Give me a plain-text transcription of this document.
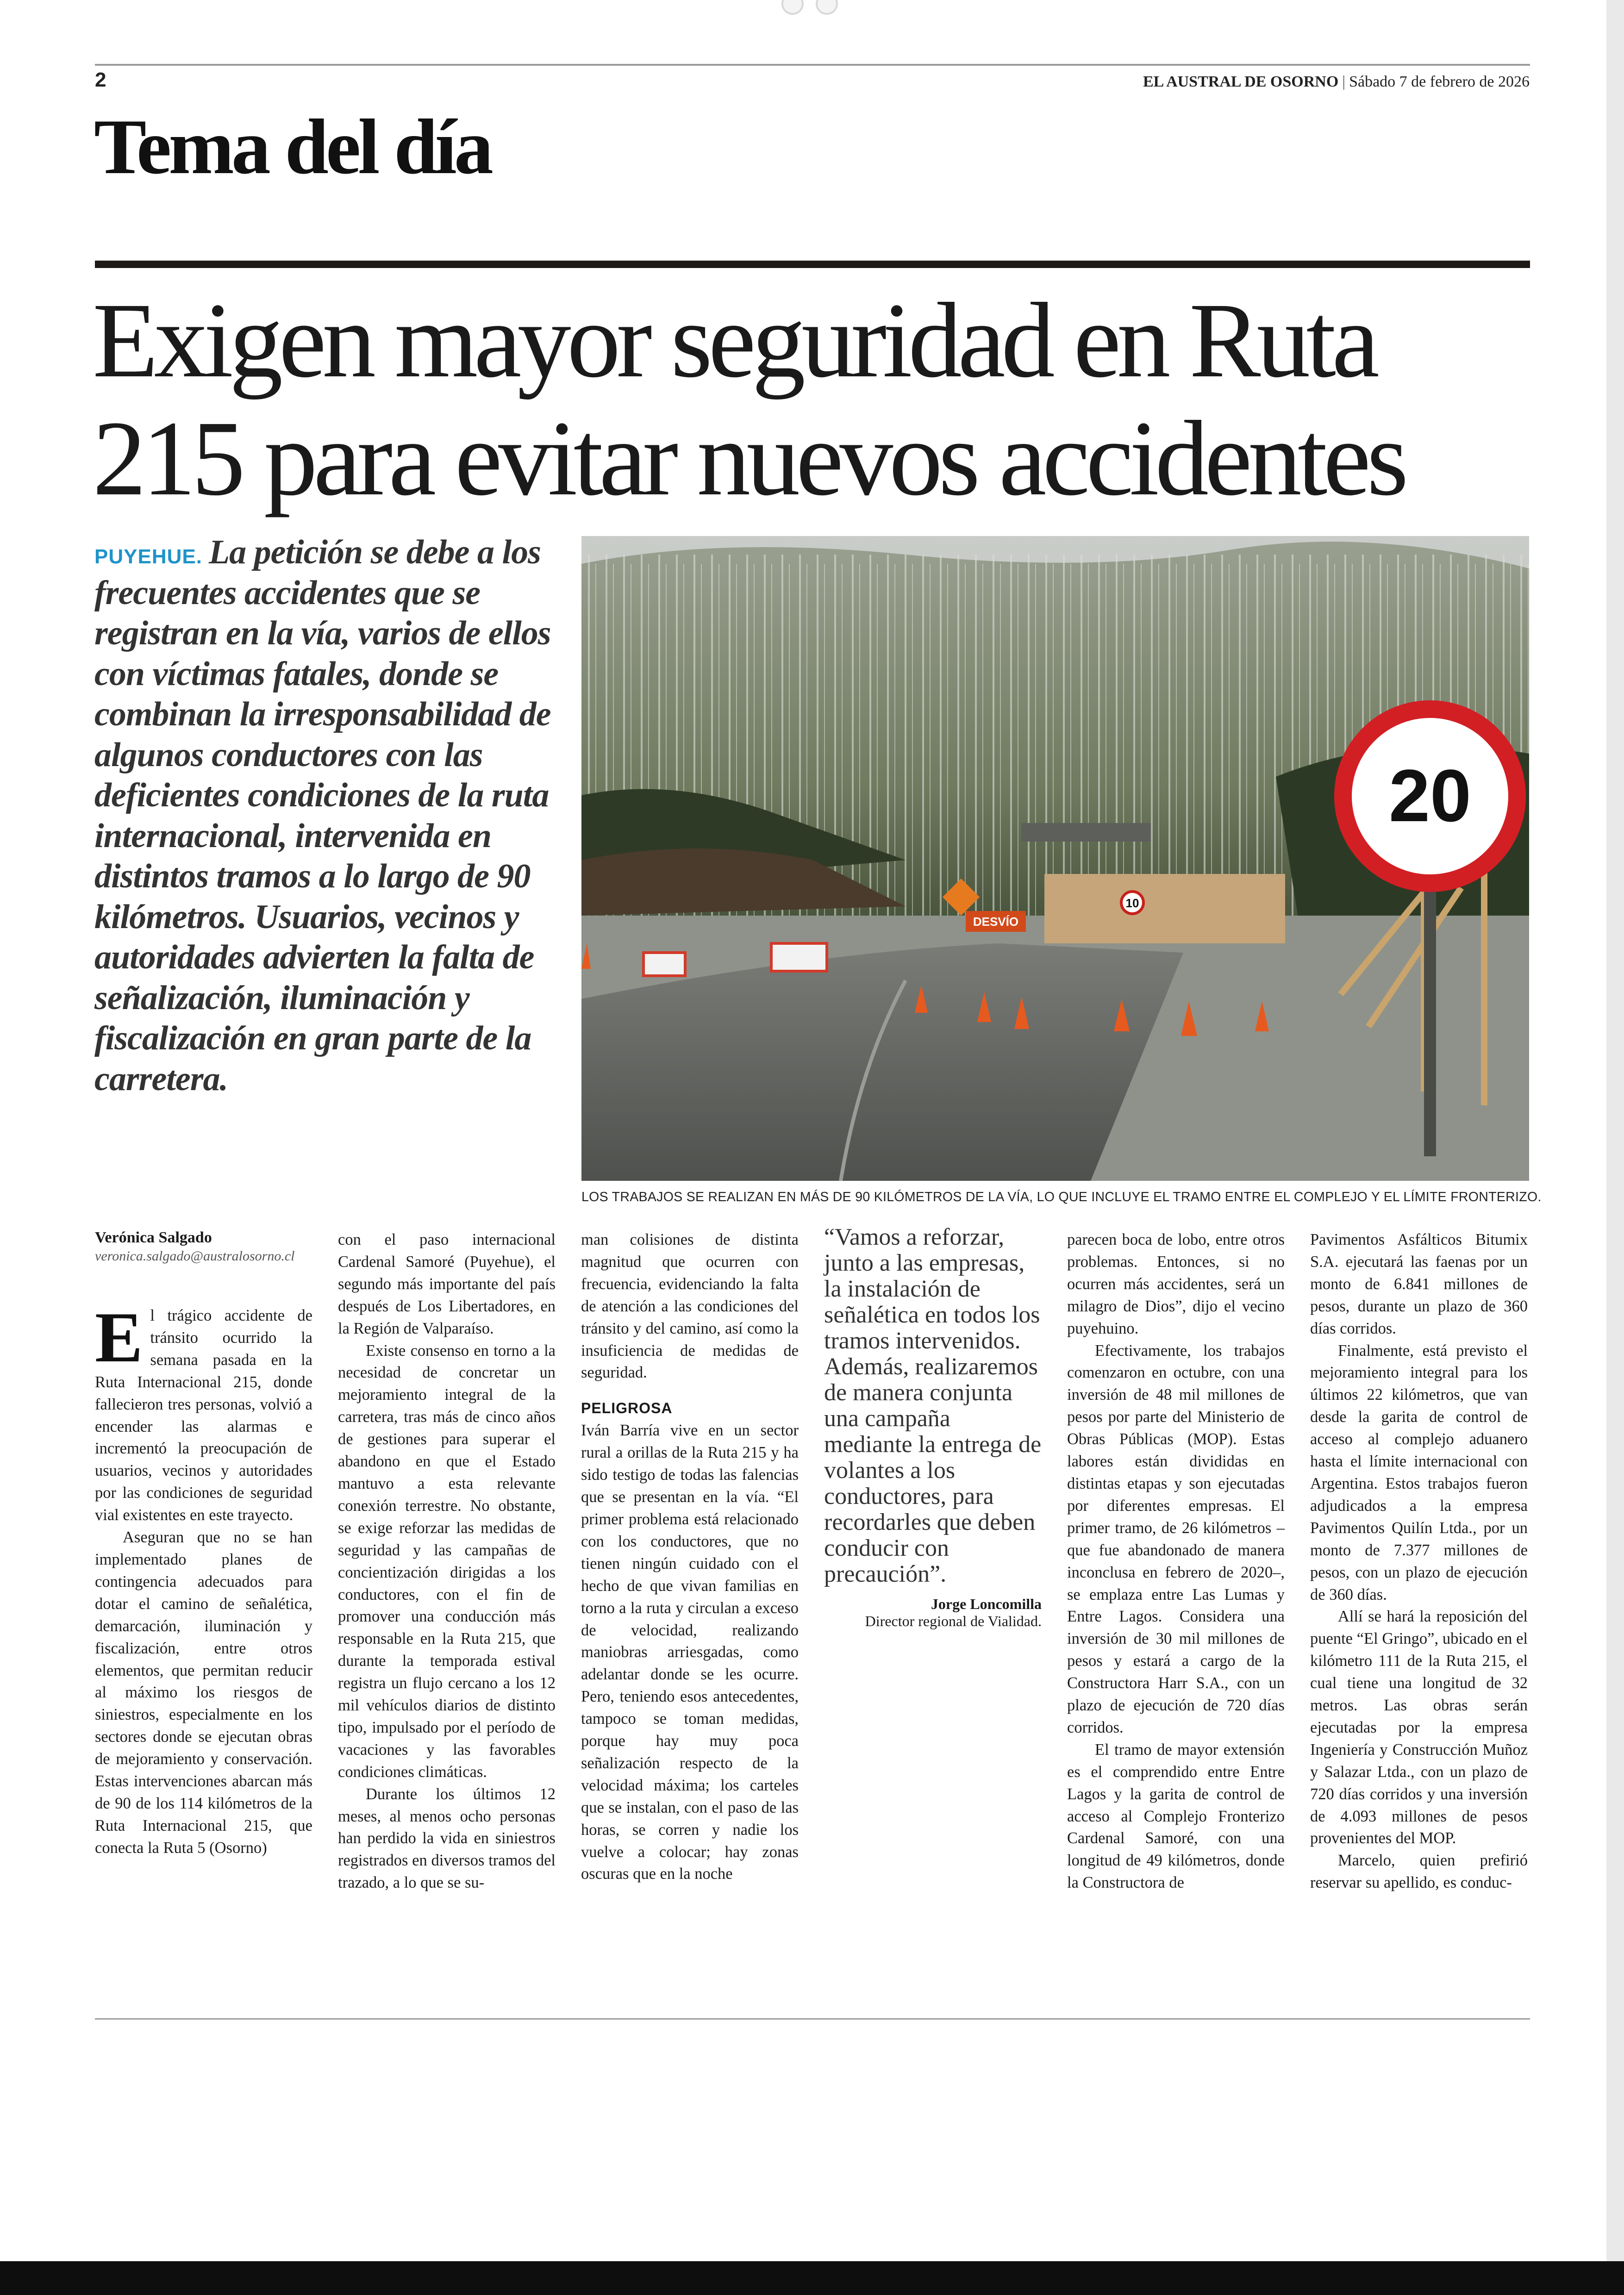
2	EL AUSTRAL DE OSORNO | Sábado 7 de febrero de 2026
Tema del día
Exigen mayor seguridad en Ruta 215 para evitar nuevos accidentes
PUYEHUE. La petición se debe a los frecuentes accidentes que se registran en la vía, varios de ellos con víctimas fatales, donde se combinan la irresponsabilidad de algunos conductores con las deficientes condiciones de la ruta internacional, intervenida en distintos tramos a lo largo de 90 kilómetros. Usuarios, vecinos y autoridades advierten la falta de señalización, iluminación y fiscalización en gran parte de la carretera.
DESVÍO
10
20
LOS TRABAJOS SE REALIZAN EN MÁS DE 90 KILÓMETROS DE LA VÍA, LO QUE INCLUYE EL TRAMO ENTRE EL COMPLEJO Y EL LÍMITE FRONTERIZO.
Verónica Salgado
veronica.salgado@australosorno.cl

El trágico accidente de tránsito ocurrido la semana pasada en la Ruta Internacional 215, donde fallecieron tres personas, volvió a encender las alarmas e incrementó la preocupación de usuarios, vecinos y autoridades por las condiciones de seguridad vial existentes en este trayecto.

Aseguran que no se han implementado planes de contingencia adecuados para dotar el camino de señalética, demarcación, iluminación y fiscalización, entre otros elementos, que permitan reducir al máximo los riesgos de siniestros, especialmente en los sectores donde se ejecutan obras de mejoramiento y conservación. Estas intervenciones abarcan más de 90 de los 114 kilómetros de la Ruta Internacional 215, que conecta la Ruta 5 (Osorno)

con el paso internacional Cardenal Samoré (Puyehue), el segundo más importante del país después de Los Libertadores, en la Región de Valparaíso.

Existe consenso en torno a la necesidad de concretar un mejoramiento integral de la carretera, tras más de cinco años de gestiones para superar el abandono en que el Estado mantuvo a esta relevante conexión terrestre. No obstante, se exige reforzar las medidas de seguridad y las campañas de concientización dirigidas a los conductores, con el fin de promover una conducción más responsable en la Ruta 215, que durante la temporada estival registra un flujo cercano a los 12 mil vehículos diarios de distinto tipo, impulsado por el período de vacaciones y las favorables condiciones climáticas.

Durante los últimos 12 meses, al menos ocho personas han perdido la vida en siniestros registrados en diversos tramos del trazado, a lo que se su-

man colisiones de distinta magnitud que ocurren con frecuencia, evidenciando la falta de atención a las condiciones del tránsito y del camino, así como la insuficiencia de medidas de seguridad.

PELIGROSA

Iván Barría vive en un sector rural a orillas de la Ruta 215 y ha sido testigo de todas las falencias que se presentan en la vía. “El primer problema está relacionado con los conductores, que no tienen ningún cuidado con el hecho de que vivan familias en torno a la ruta y circulan a exceso de velocidad, realizando maniobras arriesgadas, como adelantar donde se les ocurre. Pero, teniendo esos antecedentes, tampoco se toman medidas, porque hay muy poca señalización respecto de la velocidad máxima; los carteles que se instalan, con el paso de las horas, se corren y nadie los vuelve a colocar; hay zonas oscuras que en la noche

“Vamos a reforzar, junto a las empresas, la instalación de señalética en todos los tramos intervenidos. Además, realizaremos de manera conjunta una campaña mediante la entrega de volantes a los conductores, para recordarles que deben conducir con precaución”.
Jorge Loncomilla
Director regional de Vialidad.

parecen boca de lobo, entre otros problemas. Entonces, si no ocurren más accidentes, será un milagro de Dios”, dijo el vecino puyehuino.

Efectivamente, los trabajos comenzaron en octubre, con una inversión de 48 mil millones de pesos por parte del Ministerio de Obras Públicas (MOP). Estas labores están divididas en distintas etapas y son ejecutadas por diferentes empresas. El primer tramo, de 26 kilómetros –que fue abandonado de manera inconclusa en febrero de 2020–, se emplaza entre Las Lumas y Entre Lagos. Considera una inversión de 30 mil millones de pesos y estará a cargo de la Constructora Harr S.A., con un plazo de ejecución de 720 días corridos.

El tramo de mayor extensión es el comprendido entre Entre Lagos y la garita de control de acceso al Complejo Fronterizo Cardenal Samoré, con una longitud de 49 kilómetros, donde la Constructora de

Pavimentos Asfálticos Bitumix S.A. ejecutará las faenas por un monto de 6.841 millones de pesos, durante un plazo de 360 días corridos.

Finalmente, está previsto el mejoramiento integral para los últimos 22 kilómetros, que van desde la garita de control de acceso al complejo aduanero hasta el límite internacional con Argentina. Estos trabajos fueron adjudicados a la empresa Pavimentos Quilín Ltda., por un monto de 7.377 millones de pesos, con un plazo de ejecución de 360 días.

Allí se hará la reposición del puente “El Gringo”, ubicado en el kilómetro 111 de la Ruta 215, el cual tiene una longitud de 32 metros. Las obras serán ejecutadas por la empresa Ingeniería y Construcción Muñoz y Salazar Ltda., con un plazo de 720 días corridos y una inversión de 4.093 millones de pesos provenientes del MOP.

Marcelo, quien prefirió reservar su apellido, es conduc-
